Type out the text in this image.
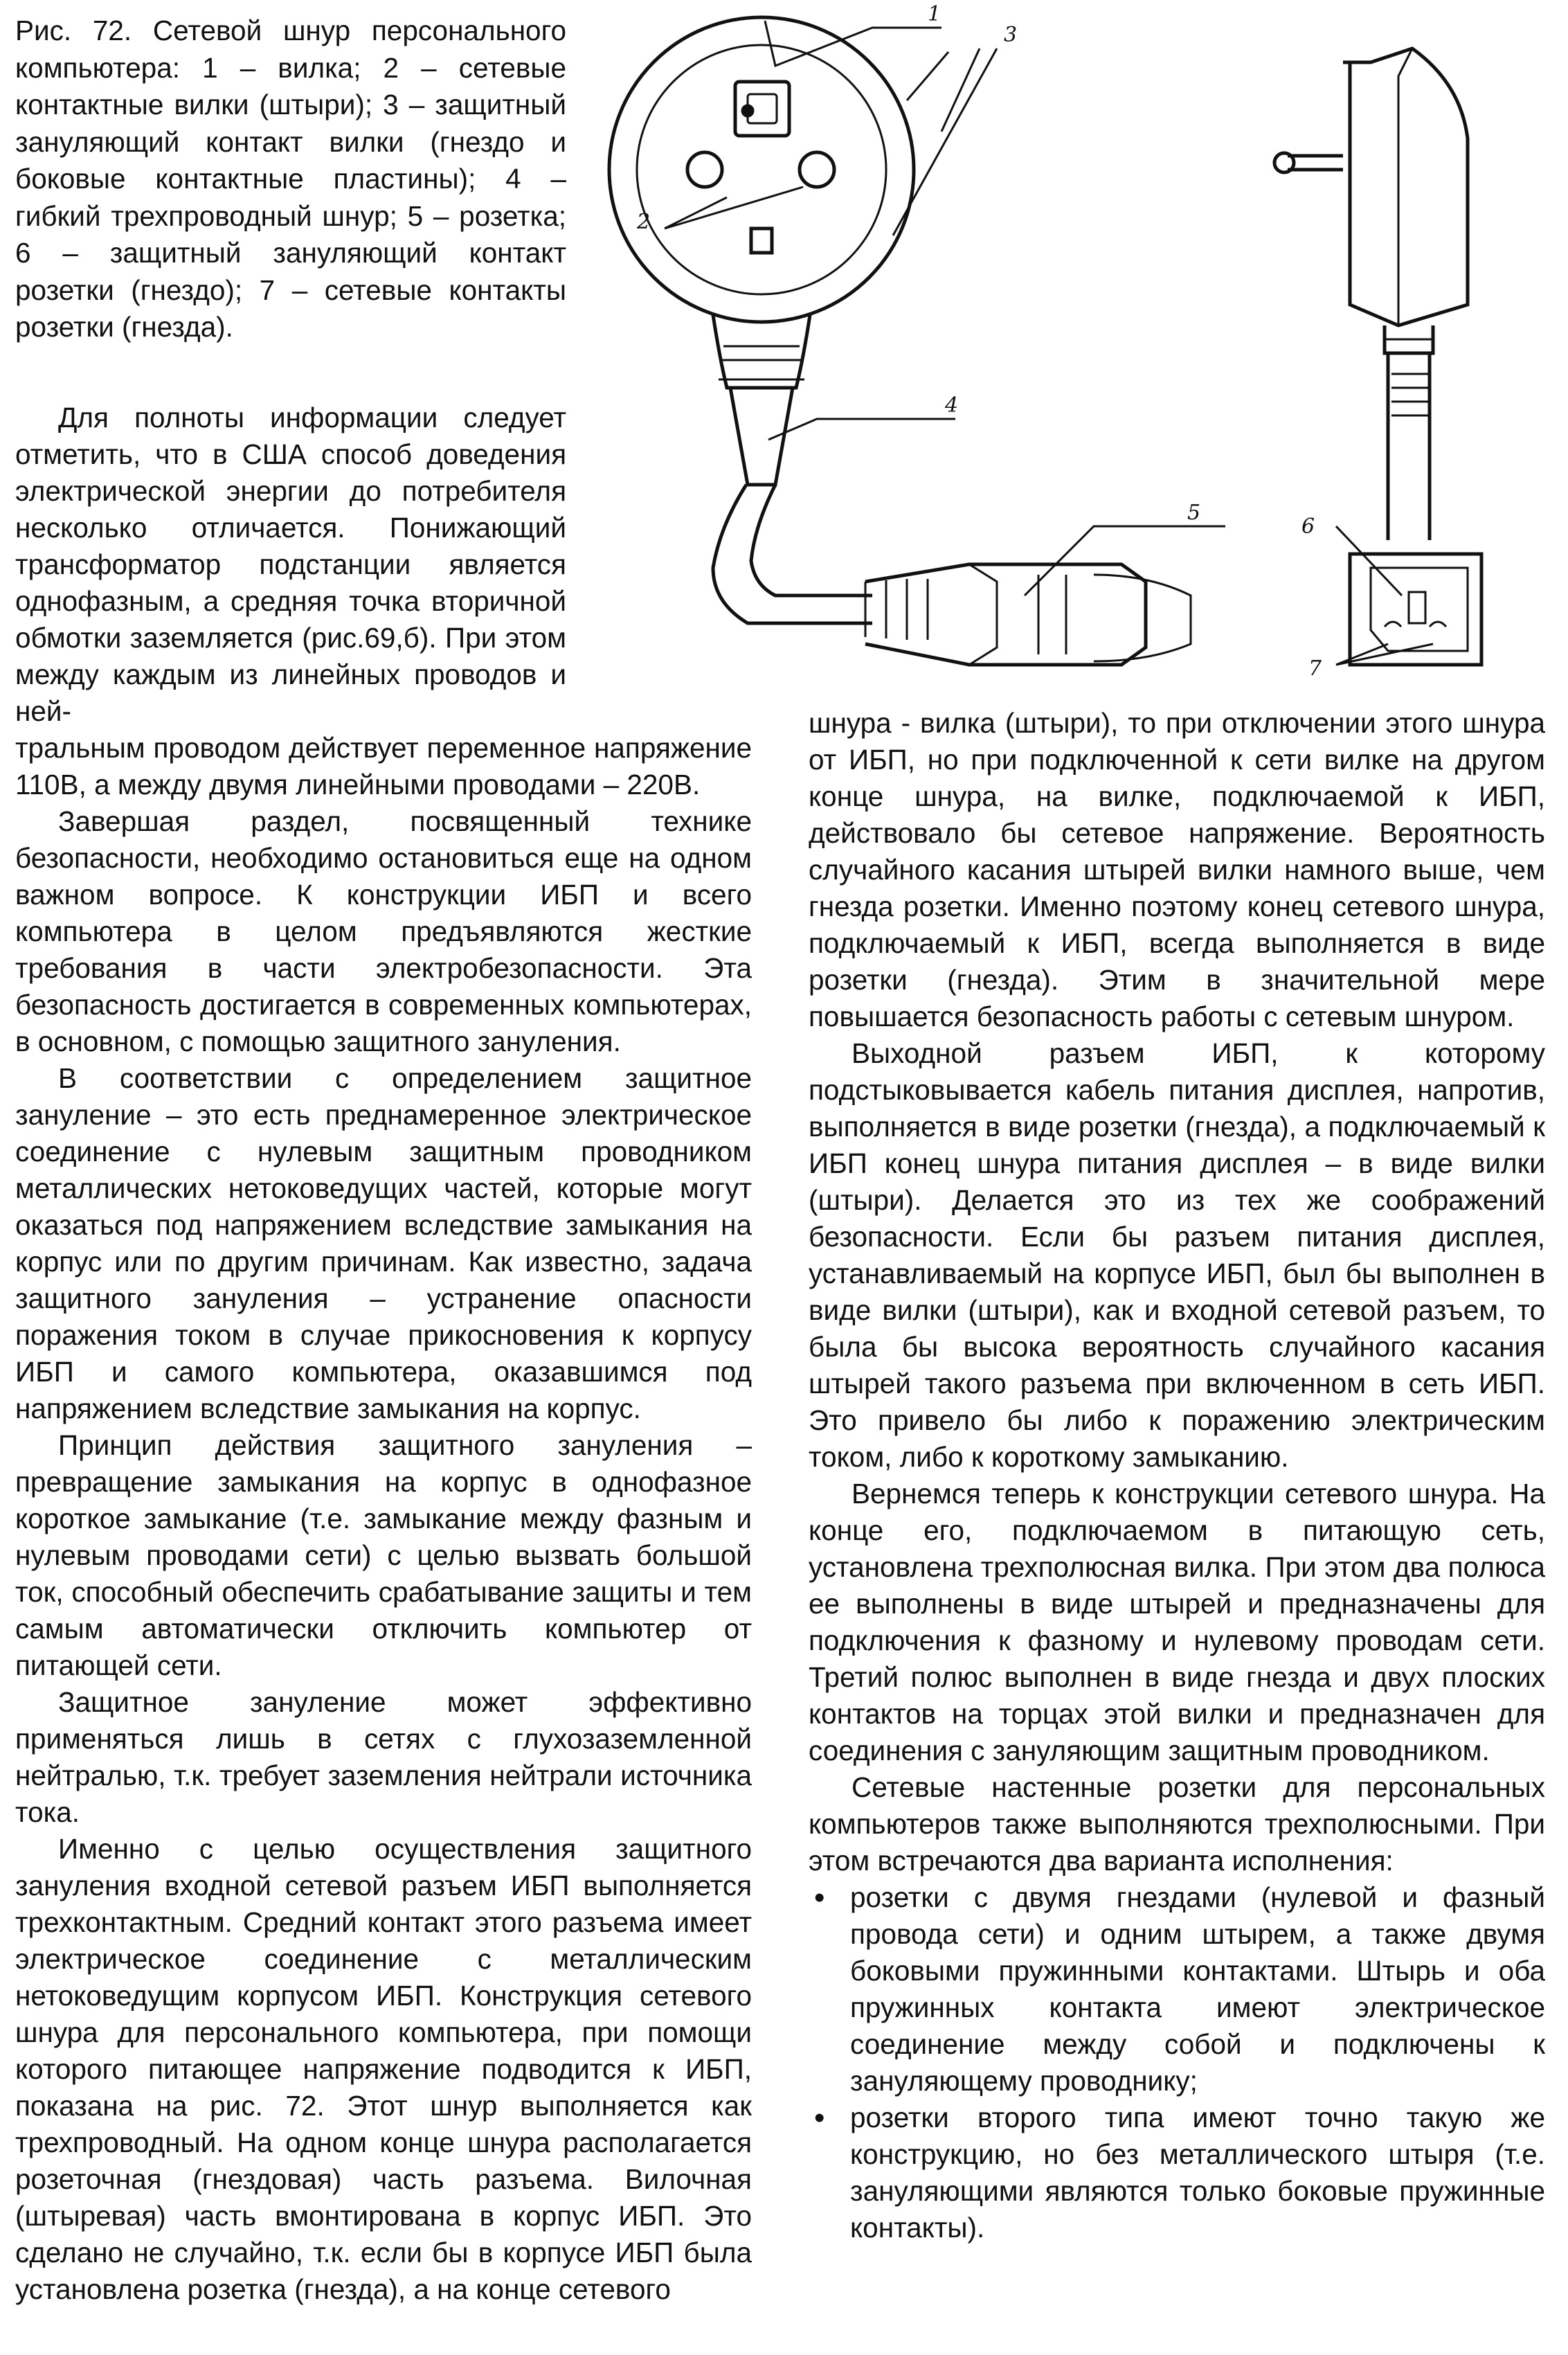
Рис. 72. Сетевой шнур персонального компьютера: 1 – вилка; 2 – сетевые контактные вилки (штыри); 3 – защитный зануляющий контакт вилки (гнездо и боковые контактные пластины); 4 – гибкий трехпроводный шнур; 5 – розетка; 6 – защитный зануляющий контакт розетки (гнездо); 7 – сетевые контакты розетки (гнезда).

1
3
2
4
5
6
7

Для полноты информации следует отметить, что в США способ доведения электрической энергии до потребителя несколько отличается. Понижающий трансформатор подстанции является однофазным, а средняя точка вторичной обмотки заземляется (рис.69,б). При этом между каждым из линейных проводов и ней-

тральным проводом действует переменное напряжение 110В, а между двумя линейными проводами – 220В.

Завершая раздел, посвященный технике безопасности, необходимо остановиться еще на одном важном вопросе. К конструкции ИБП и всего компьютера в целом предъявляются жесткие требования в части электробезопасности. Эта безопасность достигается в современных компьютерах, в основном, с помощью защитного зануления.

В соответствии с определением защитное зануление – это есть преднамеренное электрическое соединение с нулевым защитным проводником металлических нетоковедущих частей, которые могут оказаться под напряжением вследствие замыкания на корпус или по другим причинам. Как известно, задача защитного зануления – устранение опасности поражения током в случае прикосновения к корпусу ИБП и самого компьютера, оказавшимся под напряжением вследствие замыкания на корпус.

Принцип действия защитного зануления – превращение замыкания на корпус в однофазное короткое замыкание (т.е. замыкание между фазным и нулевым проводами сети) с целью вызвать большой ток, способный обеспечить срабатывание защиты и тем самым автоматически отключить компьютер от питающей сети.

Защитное зануление может эффективно применяться лишь в сетях с глухозаземленной нейтралью, т.к. требует заземления нейтрали источника тока.

Именно с целью осуществления защитного зануления входной сетевой разъем ИБП выполняется трехконтактным. Средний контакт этого разъема имеет электрическое соединение с металлическим нетоковедущим корпусом ИБП. Конструкция сетевого шнура для персонального компьютера, при помощи которого питающее напряжение подводится к ИБП, показана на рис. 72. Этот шнур выполняется как трехпроводный. На одном конце шнура располагается розеточная (гнездовая) часть разъема. Вилочная (штыревая) часть вмонтирована в корпус ИБП. Это сделано не случайно, т.к. если бы в корпусе ИБП была установлена розетка (гнезда), а на конце сетевого

шнура - вилка (штыри), то при отключении этого шнура от ИБП, но при подключенной к сети вилке на другом конце шнура, на вилке, подключаемой к ИБП, действовало бы сетевое напряжение. Вероятность случайного касания штырей вилки намного выше, чем гнезда розетки. Именно поэтому конец сетевого шнура, подключаемый к ИБП, всегда выполняется в виде розетки (гнезда). Этим в значительной мере повышается безопасность работы с сетевым шнуром.

Выходной разъем ИБП, к которому подстыковывается кабель питания дисплея, напротив, выполняется в виде розетки (гнезда), а подключаемый к ИБП конец шнура питания дисплея – в виде вилки (штыри). Делается это из тех же соображений безопасности. Если бы разъем питания дисплея, устанавливаемый на корпусе ИБП, был бы выполнен в виде вилки (штыри), как и входной сетевой разъем, то была бы высока вероятность случайного касания штырей такого разъема при включенном в сеть ИБП. Это привело бы либо к поражению электрическим током, либо к короткому замыканию.

Вернемся теперь к конструкции сетевого шнура. На конце его, подключаемом в питающую сеть, установлена трехполюсная вилка. При этом два полюса ее выполнены в виде штырей и предназначены для подключения к фазному и нулевому проводам сети. Третий полюс выполнен в виде гнезда и двух плоских контактов на торцах этой вилки и предназначен для соединения с зануляющим защитным проводником.

Сетевые настенные розетки для персональных компьютеров также выполняются трехполюсными. При этом встречаются два варианта исполнения:

• розетки с двумя гнездами (нулевой и фазный провода сети) и одним штырем, а также двумя боковыми пружинными контактами. Штырь и оба пружинных контакта имеют электрическое соединение между собой и подключены к зануляющему проводнику;

• розетки второго типа имеют точно такую же конструкцию, но без металлического штыря (т.е. зануляющими являются только боковые пружинные контакты).
